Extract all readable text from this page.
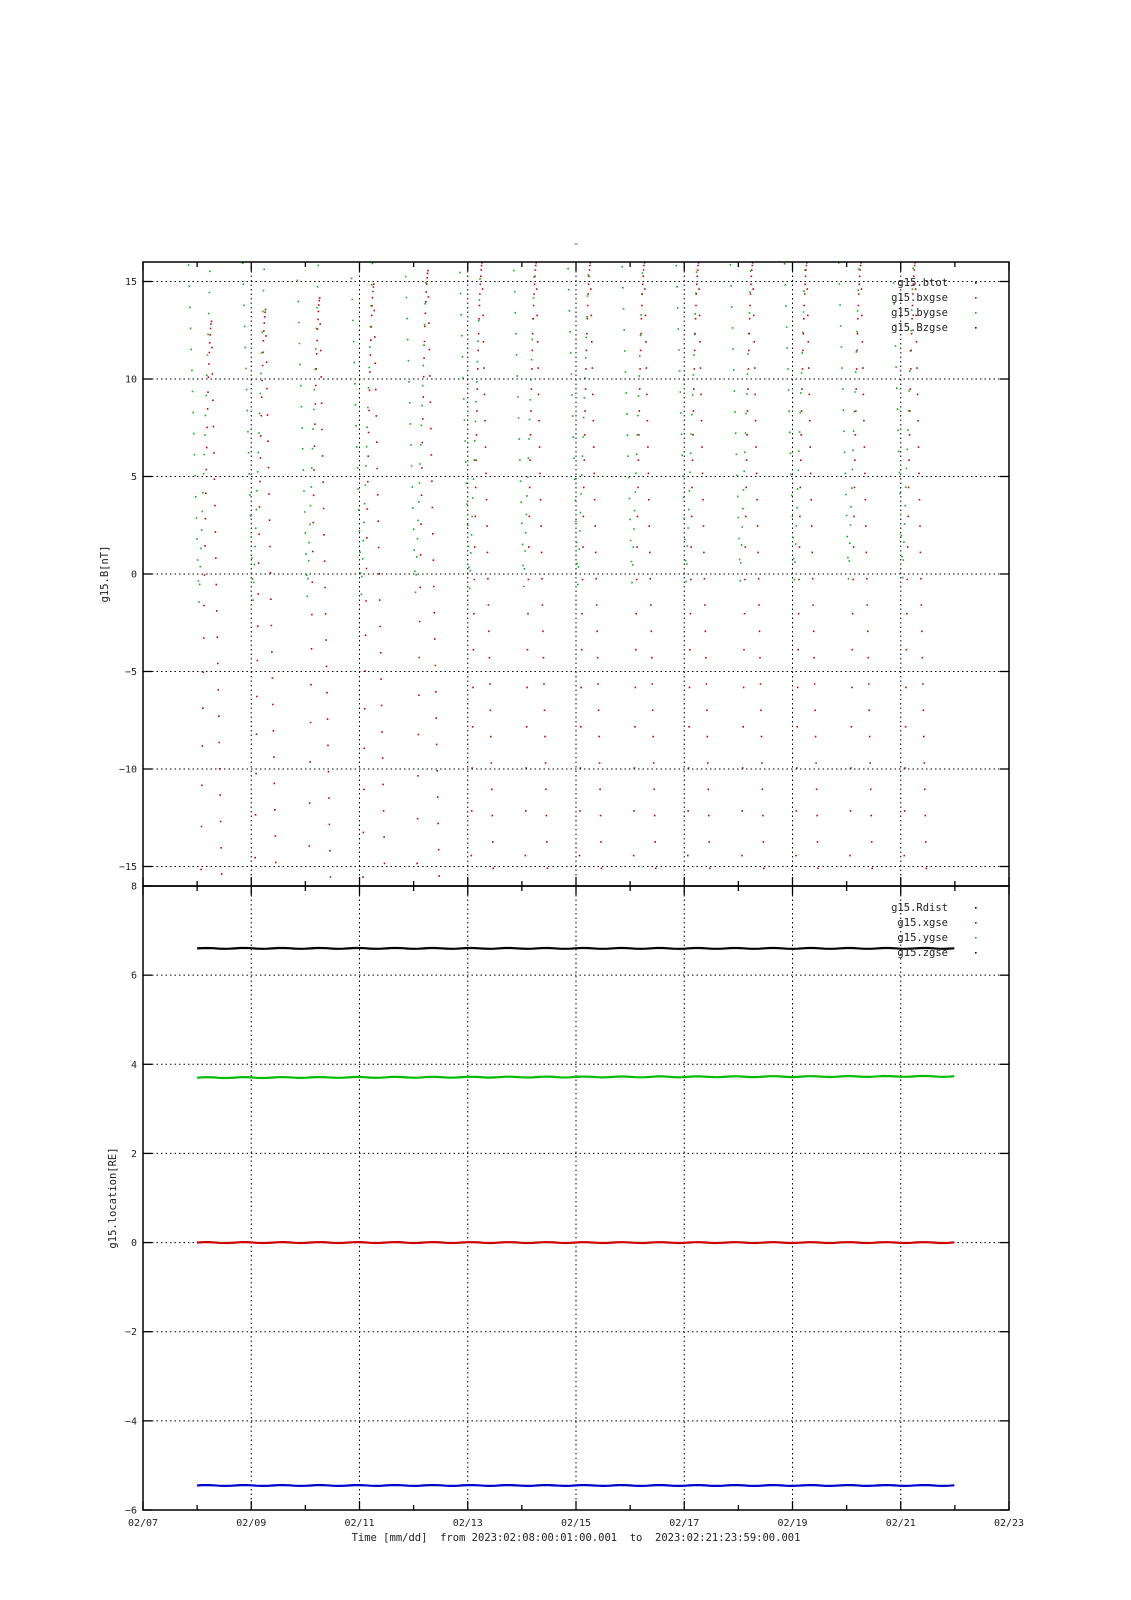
-
15
10
5
0
−5
−10
−15
g15.btot
g15.bxgse
g15.bygse
g15.Bzgse
g15.B[nT]
8
6
4
2
0
−2
−4
−6
g15.Rdist
g15.xgse
g15.ygse
g15.zgse
g15.location[RE]
02/07	02/09	02/11	02/13	02/15	02/17	02/19	02/21	02/23
Time [mm/dd]  from 2023:02:08:00:01:00.001  to  2023:02:21:23:59:00.001
